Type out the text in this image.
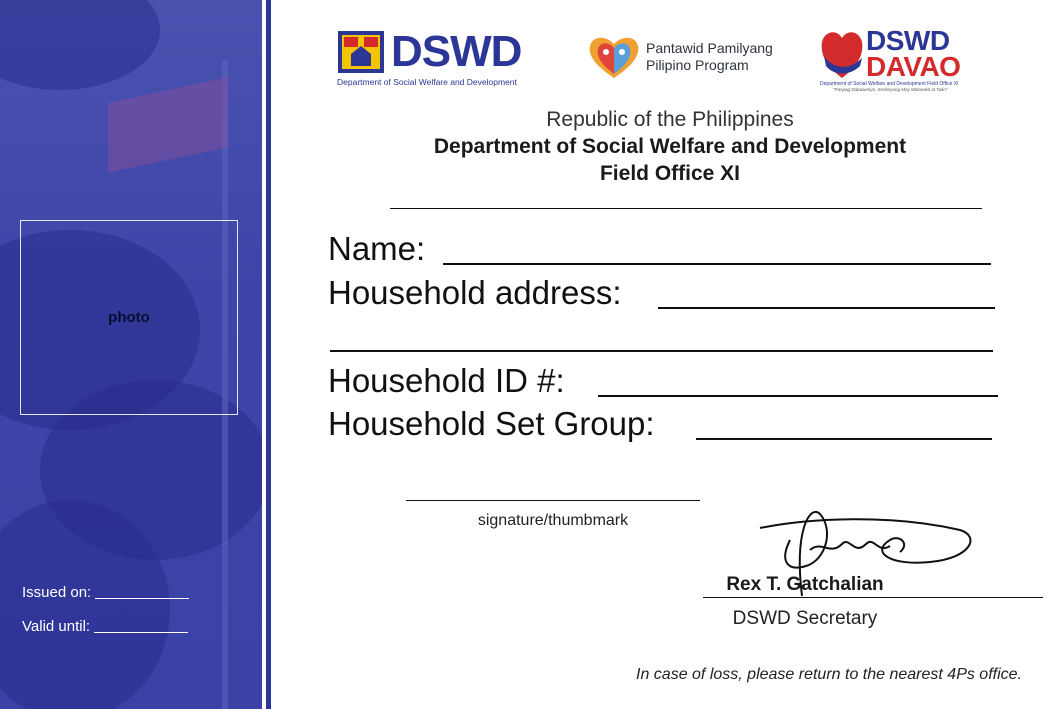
photo
Issued on:
Valid until:
DSWD
Department of Social Welfare and Development
Pantawid Pamilyang
Pilipino Program
DSWD
DAVAO
Department of Social Welfare and Development Field Office XI
"Paspag Dabawenyo, Serbisyong May Malasakit at Tulin"
Republic of the Philippines
Department of Social Welfare and Development
Field Office XI
Name:
Household address:
Household ID #:
Household Set Group:
signature/thumbmark
Rex T. Gatchalian
DSWD Secretary
In case of loss, please return to the nearest 4Ps office.
